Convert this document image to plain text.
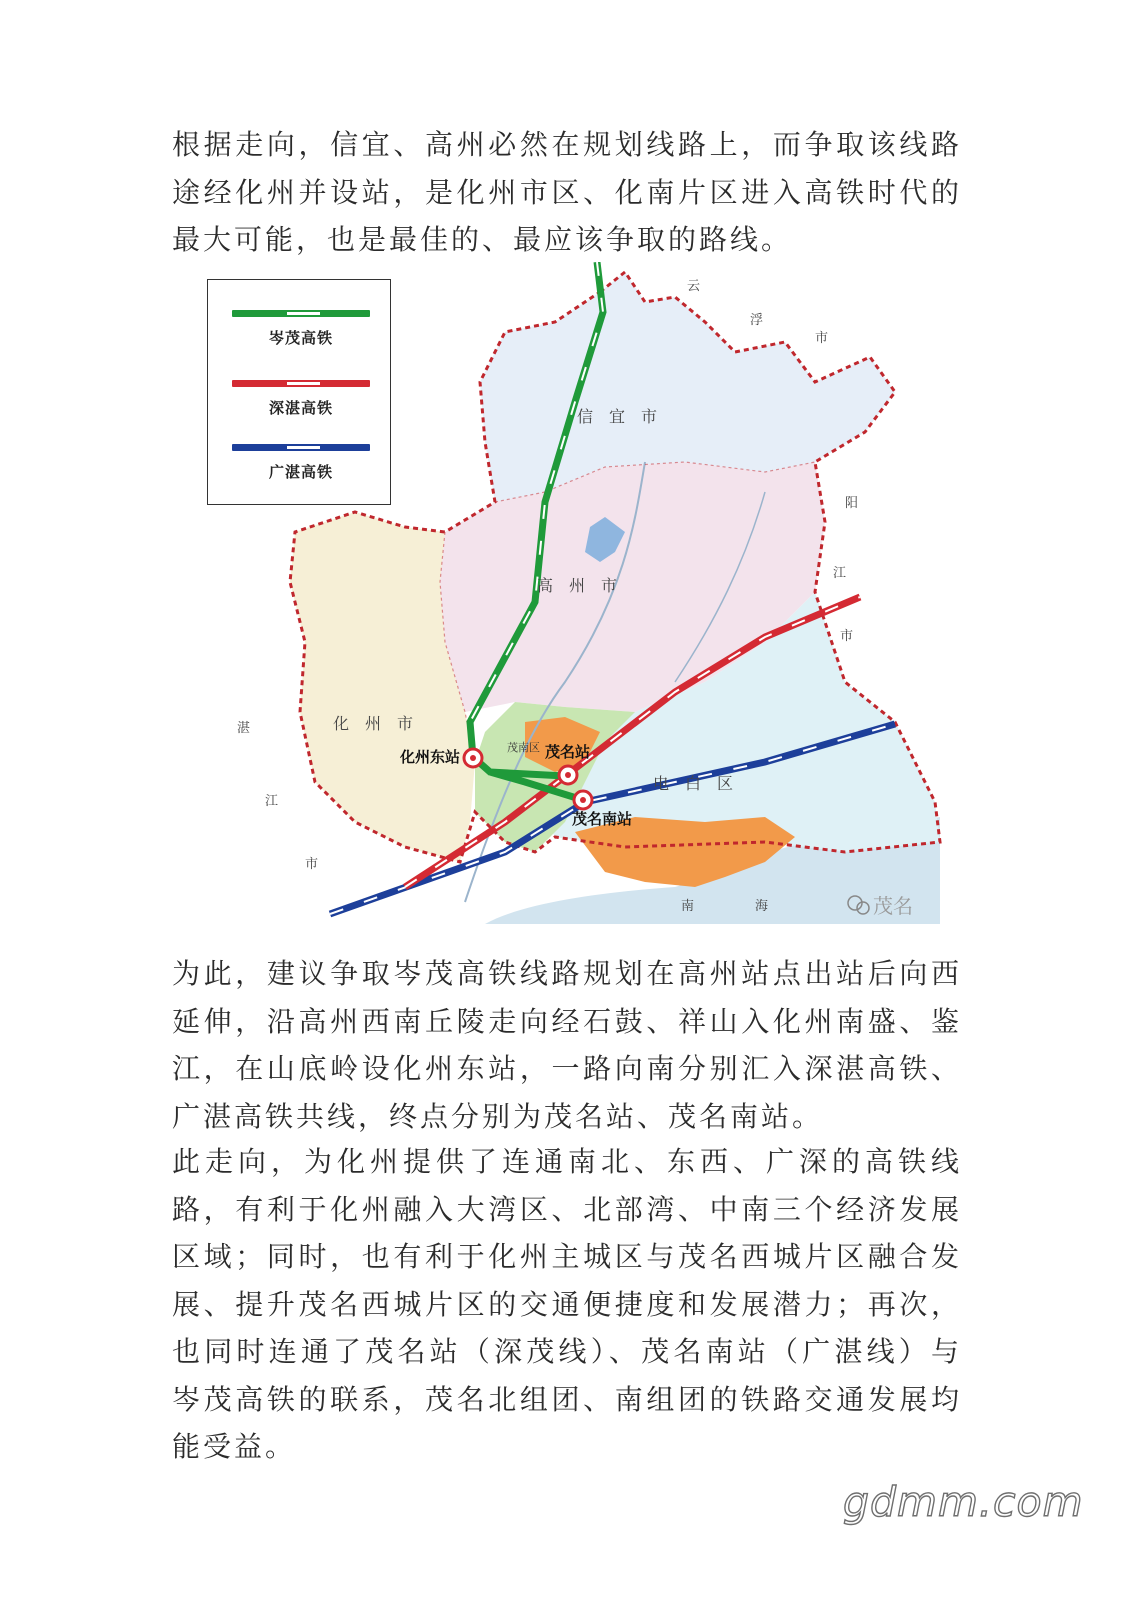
根据走向，信宜、高州必然在规划线路上，而争取该线路途经化州并设站，是化州市区、化南片区进入高铁时代的最大可能，也是最佳的、最应该争取的路线。

信　宜　市
高　州　市
化　州　市
电　白　区
茂南区
云
浮
市
阳
江
市
湛
江
市
南	海
化州东站	茂名站
茂名南站
茂名
岑茂高铁
深湛高铁
广湛高铁

为此，建议争取岑茂高铁线路规划在高州站点出站后向西延伸，沿高州西南丘陵走向经石鼓、祥山入化州南盛、鉴江，在山底岭设化州东站，一路向南分别汇入深湛高铁、广湛高铁共线，终点分别为茂名站、茂名南站。

此走向，为化州提供了连通南北、东西、广深的高铁线路，有利于化州融入大湾区、北部湾、中南三个经济发展区域；同时，也有利于化州主城区与茂名西城片区融合发展、提升茂名西城片区的交通便捷度和发展潜力；再次，也同时连通了茂名站（深茂线）、茂名南站（广湛线）与岑茂高铁的联系，茂名北组团、南组团的铁路交通发展均能受益。

gdmm.com
